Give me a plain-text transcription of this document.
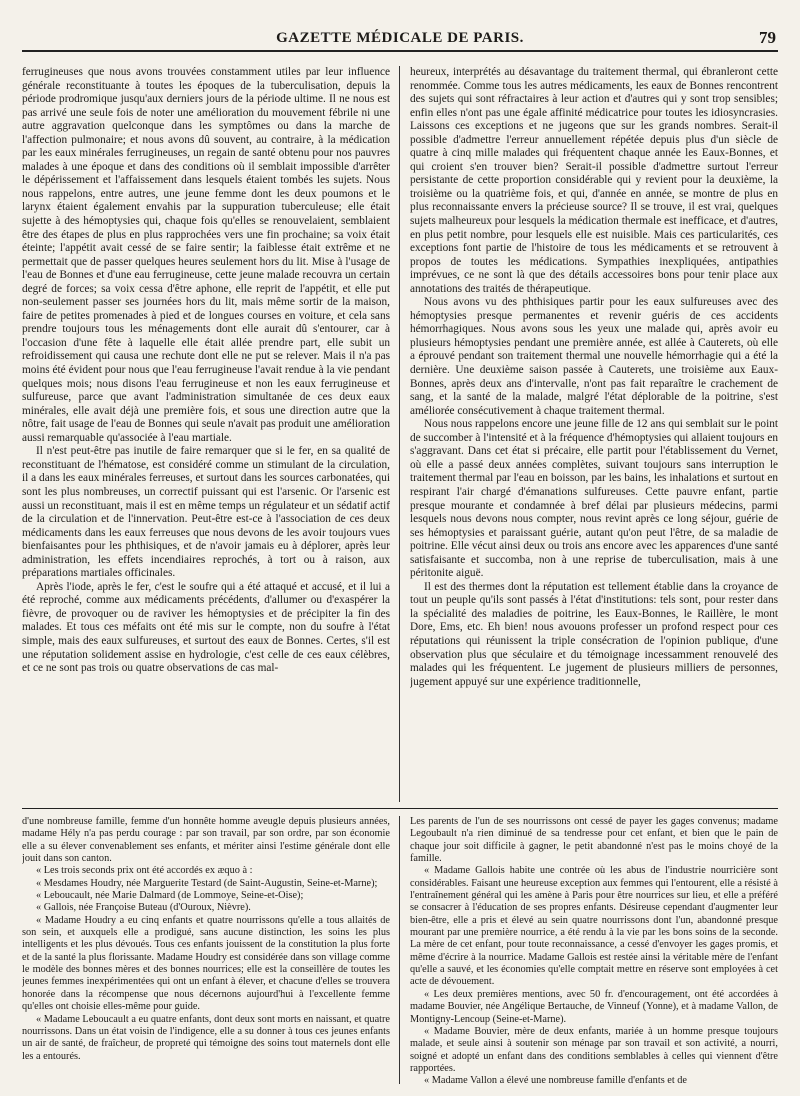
GAZETTE MÉDICALE DE PARIS.	79

ferrugineuses que nous avons trouvées constamment utiles par leur influence générale reconstituante à toutes les époques de la tuberculisation, depuis la période prodromique jusqu'aux derniers jours de la période ultime. Il ne nous est pas arrivé une seule fois de noter une amélioration du mouvement fébrile ni une autre aggravation quelconque dans les symptômes ou dans la marche de l'affection pulmonaire; et nous avons dû souvent, au contraire, à la médication par les eaux minérales ferrugineuses, un regain de santé obtenu pour nos pauvres malades à une époque et dans des conditions où il semblait impossible d'arrêter le dépérissement et l'affaissement dans lesquels étaient tombés les sujets. Nous nous rappelons, entre autres, une jeune femme dont les deux poumons et le larynx étaient également envahis par la suppuration tuberculeuse; elle était sujette à des hémoptysies qui, chaque fois qu'elles se renouvelaient, semblaient être des étapes de plus en plus rapprochées vers une fin prochaine; sa voix était éteinte; l'appétit avait cessé de se faire sentir; la faiblesse était extrême et ne permettait que de passer quelques heures seulement hors du lit. Mise à l'usage de l'eau de Bonnes et d'une eau ferrugineuse, cette jeune malade recouvra un certain degré de forces; sa voix cessa d'être aphone, elle reprit de l'appétit, et elle put non-seulement passer ses journées hors du lit, mais même sortir de la maison, faire de petites promenades à pied et de longues courses en voiture, et cela sans prendre toujours tous les ménagements dont elle aurait dû s'entourer, car à l'occasion d'une fête à laquelle elle était allée prendre part, elle subit un refroidissement qui causa une rechute dont elle ne put se relever. Mais il n'a pas moins été évident pour nous que l'eau ferrugineuse l'avait rendue à la vie pendant quelques mois; nous disons l'eau ferrugineuse et non les eaux ferrugineuse et sulfureuse, parce que avant l'administration simultanée de ces deux eaux minérales, elle avait déjà une première fois, et sous une direction autre que la nôtre, fait usage de l'eau de Bonnes qui seule n'avait pas produit une amélioration aussi remarquable qu'associée à l'eau martiale.

Il n'est peut-être pas inutile de faire remarquer que si le fer, en sa qualité de reconstituant de l'hématose, est considéré comme un stimulant de la circulation, il a dans les eaux minérales ferreuses, et surtout dans les sources carbonatées, qui sont les plus nombreuses, un correctif puissant qui est l'arsenic. Or l'arsenic est aussi un reconstituant, mais il est en même temps un régulateur et un sédatif actif de la circulation et de l'innervation. Peut-être est-ce à l'association de ces deux médicaments dans les eaux ferreuses que nous devons de les avoir toujours vues bienfaisantes pour les phthisiques, et de n'avoir jamais eu à déplorer, après leur administration, les effets incendiaires reprochés, à tort ou à raison, aux préparations martiales officinales.

Après l'iode, après le fer, c'est le soufre qui a été attaqué et accusé, et il lui a été reproché, comme aux médicaments précédents, d'allumer ou d'exaspérer la fièvre, de provoquer ou de raviver les hémoptysies et de précipiter la fin des malades. Et tous ces méfaits ont été mis sur le compte, non du soufre à l'état simple, mais des eaux sulfureuses, et surtout des eaux de Bonnes. Certes, s'il est une réputation solidement assise en hydrologie, c'est celle de ces eaux célèbres, et ce ne sont pas trois ou quatre observations de cas mal-

heureux, interprétés au désavantage du traitement thermal, qui ébranleront cette renommée. Comme tous les autres médicaments, les eaux de Bonnes rencontrent des sujets qui sont réfractaires à leur action et d'autres qui y sont trop sensibles; enfin elles n'ont pas une égale affinité médicatrice pour toutes les idiosyncrasies. Laissons ces exceptions et ne jugeons que sur les grands nombres. Serait-il possible d'admettre l'erreur annuellement répétée depuis plus d'un siècle de quatre à cinq mille malades qui fréquentent chaque année les Eaux-Bonnes, et qui croient s'en trouver bien? Serait-il possible d'admettre surtout l'erreur persistante de cette proportion considérable qui y revient pour la deuxième, la troisième ou la quatrième fois, et qui, d'année en année, se montre de plus en plus reconnaissante envers la précieuse source? Il se trouve, il est vrai, quelques sujets malheureux pour lesquels la médication thermale est inefficace, et d'autres, en plus petit nombre, pour lesquels elle est nuisible. Mais ces particularités, ces exceptions font partie de l'histoire de tous les médicaments et se retrouvent à propos de toutes les médications. Sympathies inexpliquées, antipathies imprévues, ce ne sont là que des détails accessoires bons pour tenir place aux annotations des traités de thérapeutique.

Nous avons vu des phthisiques partir pour les eaux sulfureuses avec des hémoptysies presque permanentes et revenir guéris de ces accidents hémorrhagiques. Nous avons sous les yeux une malade qui, après avoir eu plusieurs hémoptysies pendant une première année, est allée à Cauterets, où elle a éprouvé pendant son traitement thermal une nouvelle hémorrhagie qui a été la dernière. Une deuxième saison passée à Cauterets, une troisième aux Eaux-Bonnes, après deux ans d'intervalle, n'ont pas fait reparaître le crachement de sang, et la santé de la malade, malgré l'état déplorable de la poitrine, s'est améliorée consécutivement à chaque traitement thermal.

Nous nous rappelons encore une jeune fille de 12 ans qui semblait sur le point de succomber à l'intensité et à la fréquence d'hémoptysies qui allaient toujours en s'aggravant. Dans cet état si précaire, elle partit pour l'établissement du Vernet, où elle a passé deux années complètes, suivant toujours sans interruption le traitement thermal par l'eau en boisson, par les bains, les inhalations et surtout en respirant l'air chargé d'émanations sulfureuses. Cette pauvre enfant, partie presque mourante et condamnée à bref délai par plusieurs médecins, parmi lesquels nous devons nous compter, nous revint après ce long séjour, guérie de ses hémoptysies et paraissant guérie, autant qu'on peut l'être, de sa maladie de poitrine. Elle vécut ainsi deux ou trois ans encore avec les apparences d'une santé satisfaisante et succomba, non à une reprise de tuberculisation, mais à une péritonite aiguë.

Il est des thermes dont la réputation est tellement établie dans la croyance de tout un peuple qu'ils sont passés à l'état d'institutions: tels sont, pour rester dans la spécialité des maladies de poitrine, les Eaux-Bonnes, le Raillère, le mont Dore, Ems, etc. Eh bien! nous avouons professer un profond respect pour ces réputations qui réunissent la triple consécration de l'opinion publique, d'une observation plus que séculaire et du témoignage incessamment renouvelé des malades qui les fréquentent. Le jugement de plusieurs milliers de personnes, jugement appuyé sur une expérience traditionnelle,

d'une nombreuse famille, femme d'un honnête homme aveugle depuis plusieurs années, madame Hély n'a pas perdu courage : par son travail, par son ordre, par son économie elle a su élever convenablement ses enfants, et mériter ainsi l'estime générale dont elle jouit dans son canton.

« Les trois seconds prix ont été accordés ex æquo à :

« Mesdames Houdry, née Marguerite Testard (de Saint-Augustin, Seine-et-Marne);

« Leboucault, née Marie Dalmard (de Lommoye, Seine-et-Oise);

« Gallois, née Françoise Buteau (d'Ouroux, Nièvre).

« Madame Houdry a eu cinq enfants et quatre nourrissons qu'elle a tous allaités de son sein, et auxquels elle a prodigué, sans aucune distinction, les soins les plus intelligents et les plus dévoués. Tous ces enfants jouissent de la constitution la plus forte et de la santé la plus florissante. Madame Houdry est considérée dans son village comme le modèle des bonnes mères et des bonnes nourrices; elle est la conseillère de toutes les jeunes femmes inexpérimentées qui ont un enfant à élever, et chacune d'elles se trouvera honorée dans la récompense que nous décernons aujourd'hui à l'excellente femme qu'elles ont choisie elles-même pour guide.

« Madame Leboucault a eu quatre enfants, dont deux sont morts en naissant, et quatre nourrissons. Dans un état voisin de l'indigence, elle a su donner à tous ces jeunes enfants un air de santé, de fraîcheur, de propreté qui témoigne des soins tout maternels dont elle les a entourés.

Les parents de l'un de ses nourrissons ont cessé de payer les gages convenus; madame Legoubault n'a rien diminué de sa tendresse pour cet enfant, et bien que le pain de chaque jour soit difficile à gagner, le petit abandonné n'est pas le moins choyé de la famille.

« Madame Gallois habite une contrée où les abus de l'industrie nourricière sont considérables. Faisant une heureuse exception aux femmes qui l'entourent, elle a résisté à l'entraînement général qui les amène à Paris pour être nourrices sur lieu, et elle a préféré se consacrer à l'éducation de ses propres enfants. Désireuse cependant d'augmenter leur bien-être, elle a pris et élevé au sein quatre nourrissons dont l'un, abandonné presque mourant par une première nourrice, a été rendu à la vie par les bons soins de la seconde. La mère de cet enfant, pour toute reconnaissance, a cessé d'envoyer les gages promis, et même d'écrire à la nourrice. Madame Gallois est restée ainsi la véritable mère de l'enfant qu'elle a sauvé, et les économies qu'elle comptait mettre en réserve sont employées à cet acte de dévouement.

« Les deux premières mentions, avec 50 fr. d'encouragement, ont été accordées à madame Bouvier, née Angélique Bertauche, de Vinneuf (Yonne), et à madame Vallon, de Montigny-Lencoup (Seine-et-Marne).

« Madame Bouvier, mère de deux enfants, mariée à un homme presque toujours malade, et seule ainsi à soutenir son ménage par son travail et son activité, a nourri, soigné et adopté un enfant dans des conditions semblables à celles qui viennent d'être rapportées.

« Madame Vallon a élevé une nombreuse famille d'enfants et de
